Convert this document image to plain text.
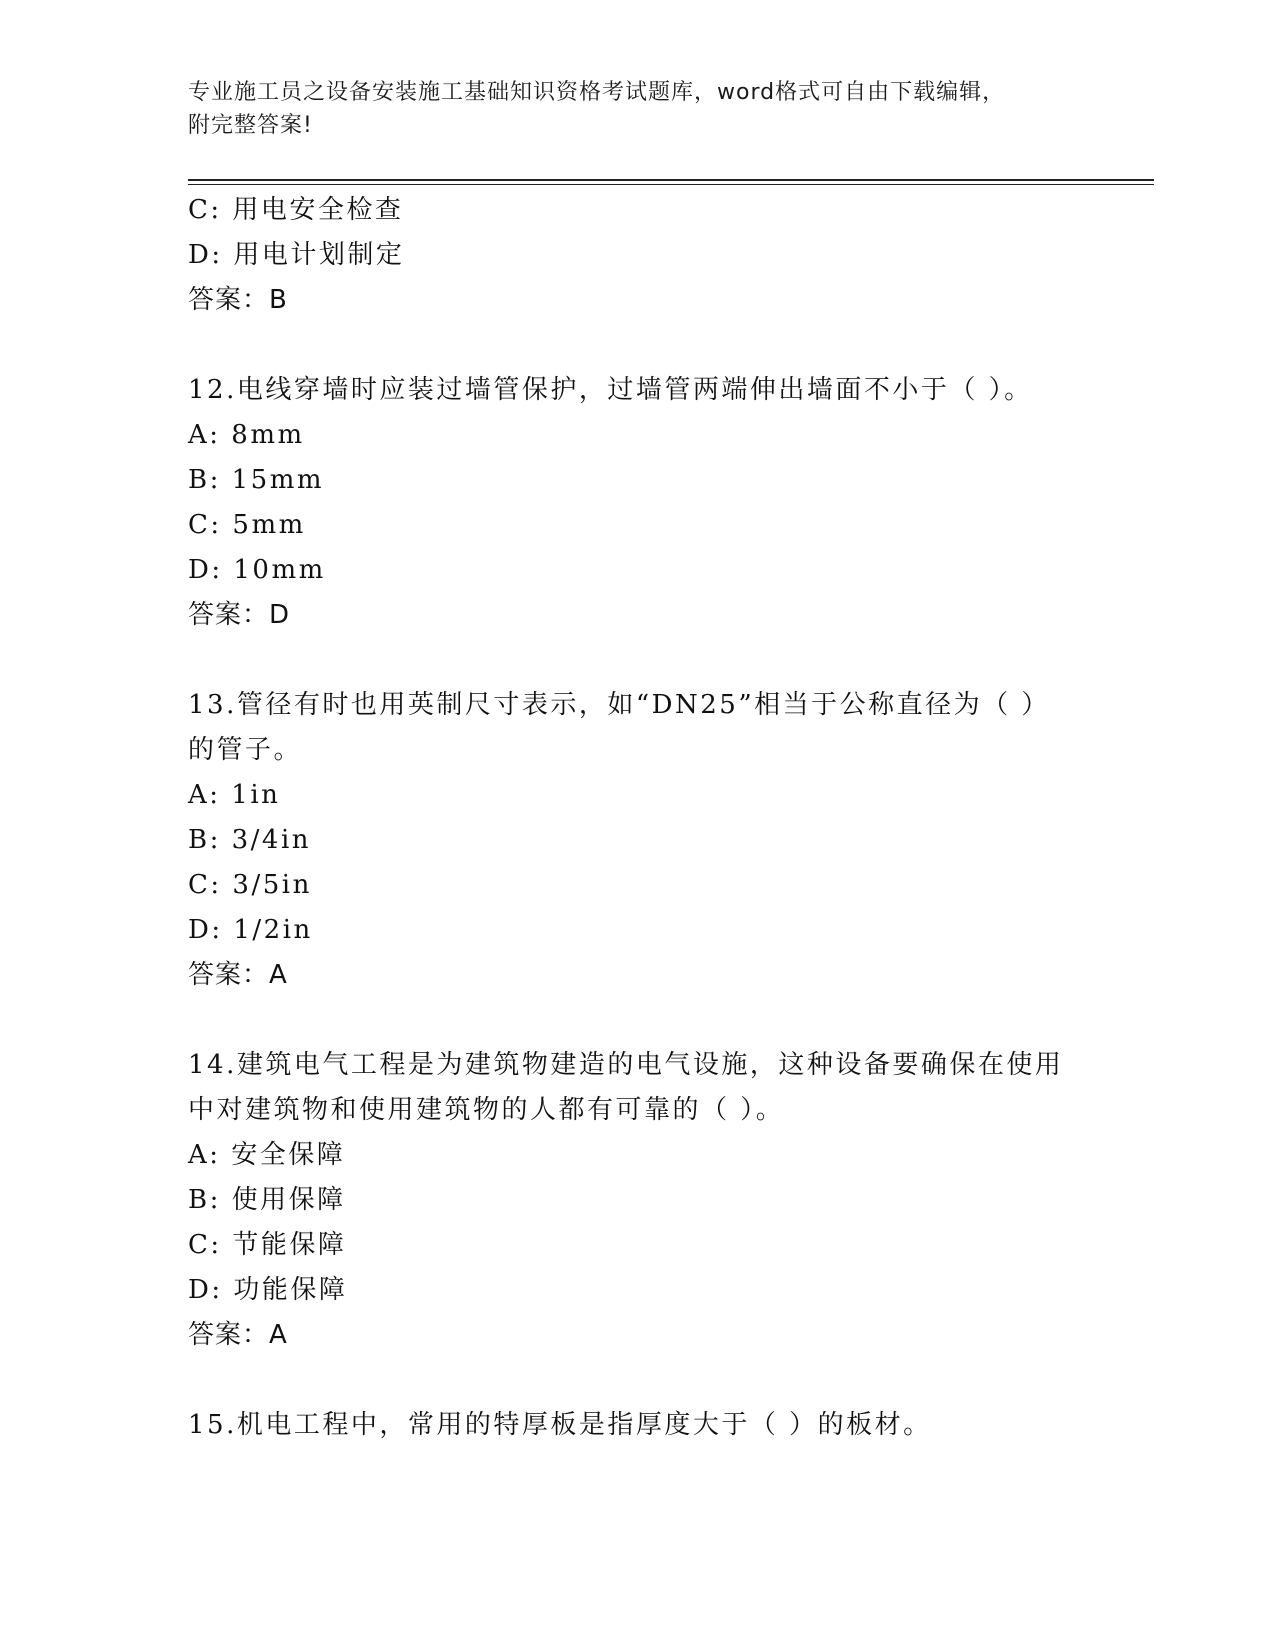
专业施工员之设备安装施工基础知识资格考试题库，word格式可自由下载编辑，
附完整答案!
C: 用电安全检查
D: 用电计划制定
答案：B
12.电线穿墙时应装过墙管保护，过墙管两端伸出墙面不小于（ ）。
A: 8mm
B: 15mm
C: 5mm
D: 10mm
答案：D
13.管径有时也用英制尺寸表示，如“DN25”相当于公称直径为（ ）
的管子。
A: 1in
B: 3/4in
C: 3/5in
D: 1/2in
答案：A
14.建筑电气工程是为建筑物建造的电气设施，这种设备要确保在使用
中对建筑物和使用建筑物的人都有可靠的（ ）。
A: 安全保障
B: 使用保障
C: 节能保障
D: 功能保障
答案：A
15.机电工程中，常用的特厚板是指厚度大于（ ）的板材。
